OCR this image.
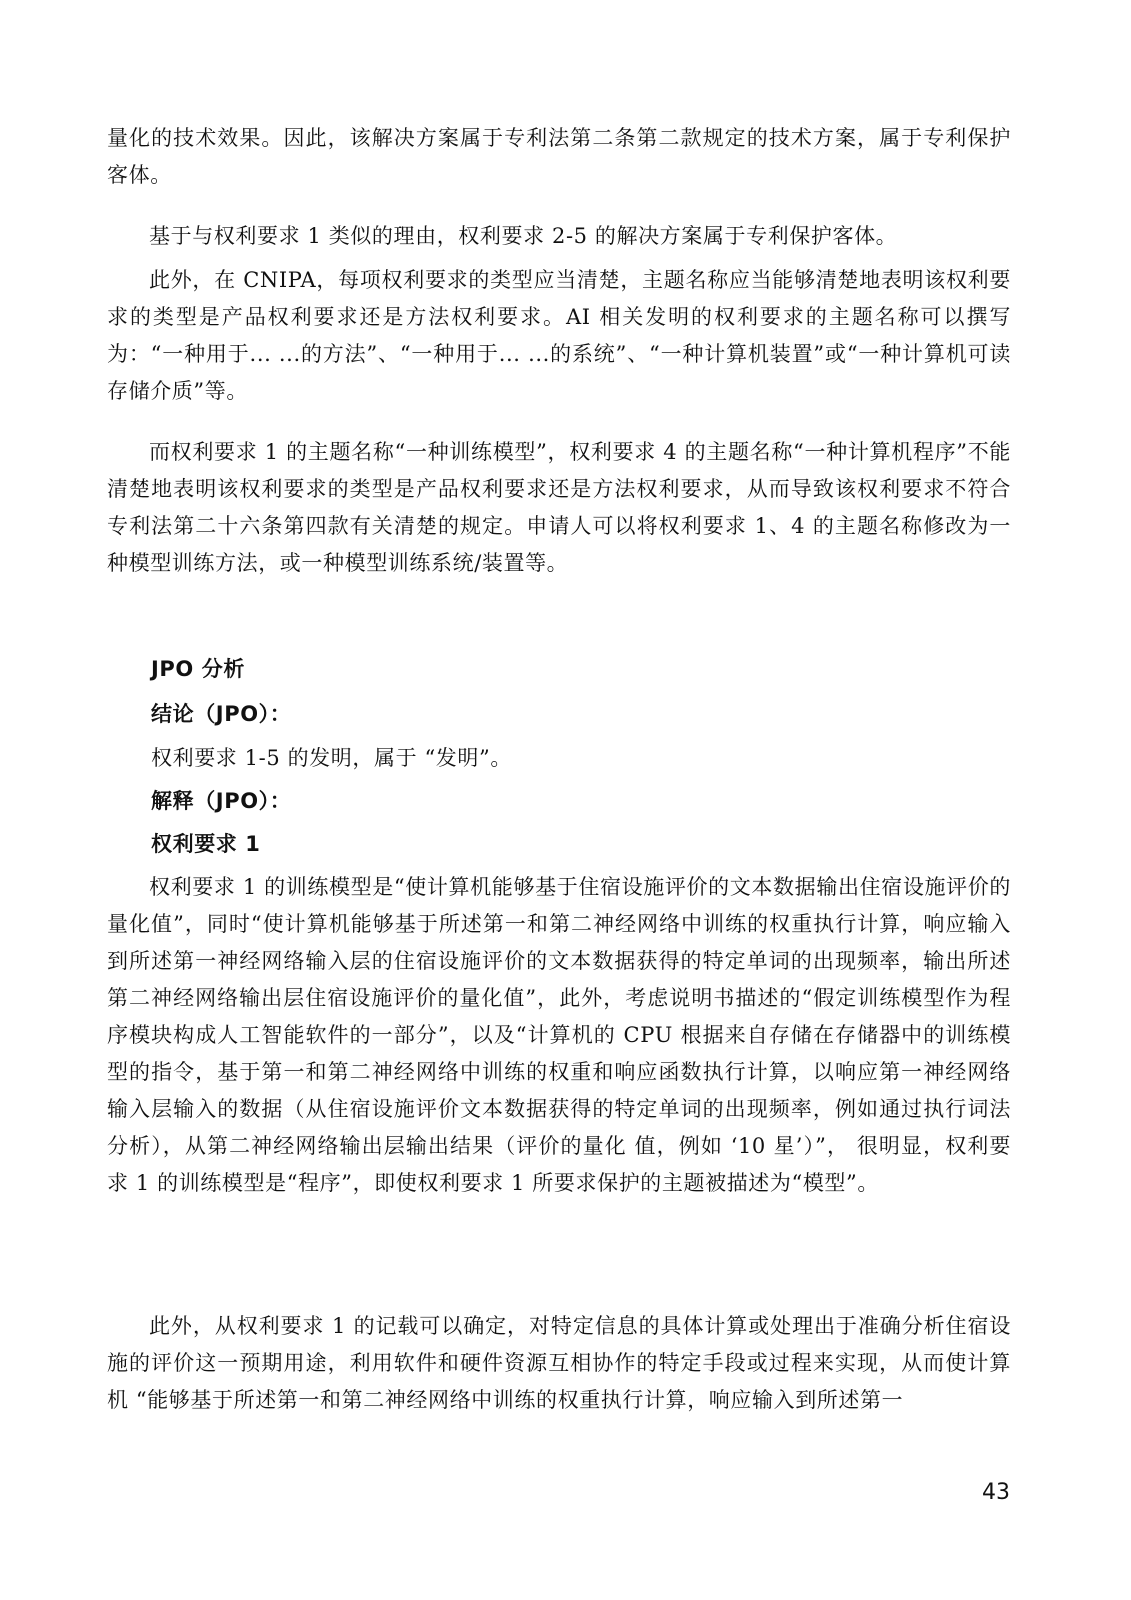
量化的技术效果。因此，该解决方案属于专利法第二条第二款规定的技术方案，属于专利保护客体。

基于与权利要求 1 类似的理由，权利要求 2-5 的解决方案属于专利保护客体。

此外，在 CNIPA，每项权利要求的类型应当清楚，主题名称应当能够清楚地表明该权利要求的类型是产品权利要求还是方法权利要求。AI 相关发明的权利要求的主题名称可以撰写为：“一种用于... ...的方法”、“一种用于... ...的系统”、“一种计算机装置”或“一种计算机可读存储介质”等。

而权利要求 1 的主题名称“一种训练模型”，权利要求 4 的主题名称“一种计算机程序”不能清楚地表明该权利要求的类型是产品权利要求还是方法权利要求，从而导致该权利要求不符合专利法第二十六条第四款有关清楚的规定。申请人可以将权利要求 1、4 的主题名称修改为一种模型训练方法，或一种模型训练系统/装置等。

JPO 分析
结论（JPO）：
权利要求 1-5 的发明，属于 “发明”。
解释（JPO）：
权利要求 1

权利要求 1 的训练模型是“使计算机能够基于住宿设施评价的文本数据输出住宿设施评价的量化值”，同时“使计算机能够基于所述第一和第二神经网络中训练的权重执行计算，响应输入到所述第一神经网络输入层的住宿设施评价的文本数据获得的特定单词的出现频率，输出所述第二神经网络输出层住宿设施评价的量化值”，此外，考虑说明书描述的“假定训练模型作为程序模块构成人工智能软件的一部分”，以及“计算机的 CPU 根据来自存储在存储器中的训练模型的指令，基于第一和第二神经网络中训练的权重和响应函数执行计算，以响应第一神经网络输入层输入的数据（从住宿设施评价文本数据获得的特定单词的出现频率，例如通过执行词法分析），从第二神经网络输出层输出结果（评价的量化 值，例如 ‘10 星’）”， 很明显，权利要求 1 的训练模型是“程序”，即使权利要求 1 所要求保护的主题被描述为“模型”。

此外，从权利要求 1 的记载可以确定，对特定信息的具体计算或处理出于准确分析住宿设施的评价这一预期用途，利用软件和硬件资源互相协作的特定手段或过程来实现，从而使计算机 “能够基于所述第一和第二神经网络中训练的权重执行计算，响应输入到所述第一

43
